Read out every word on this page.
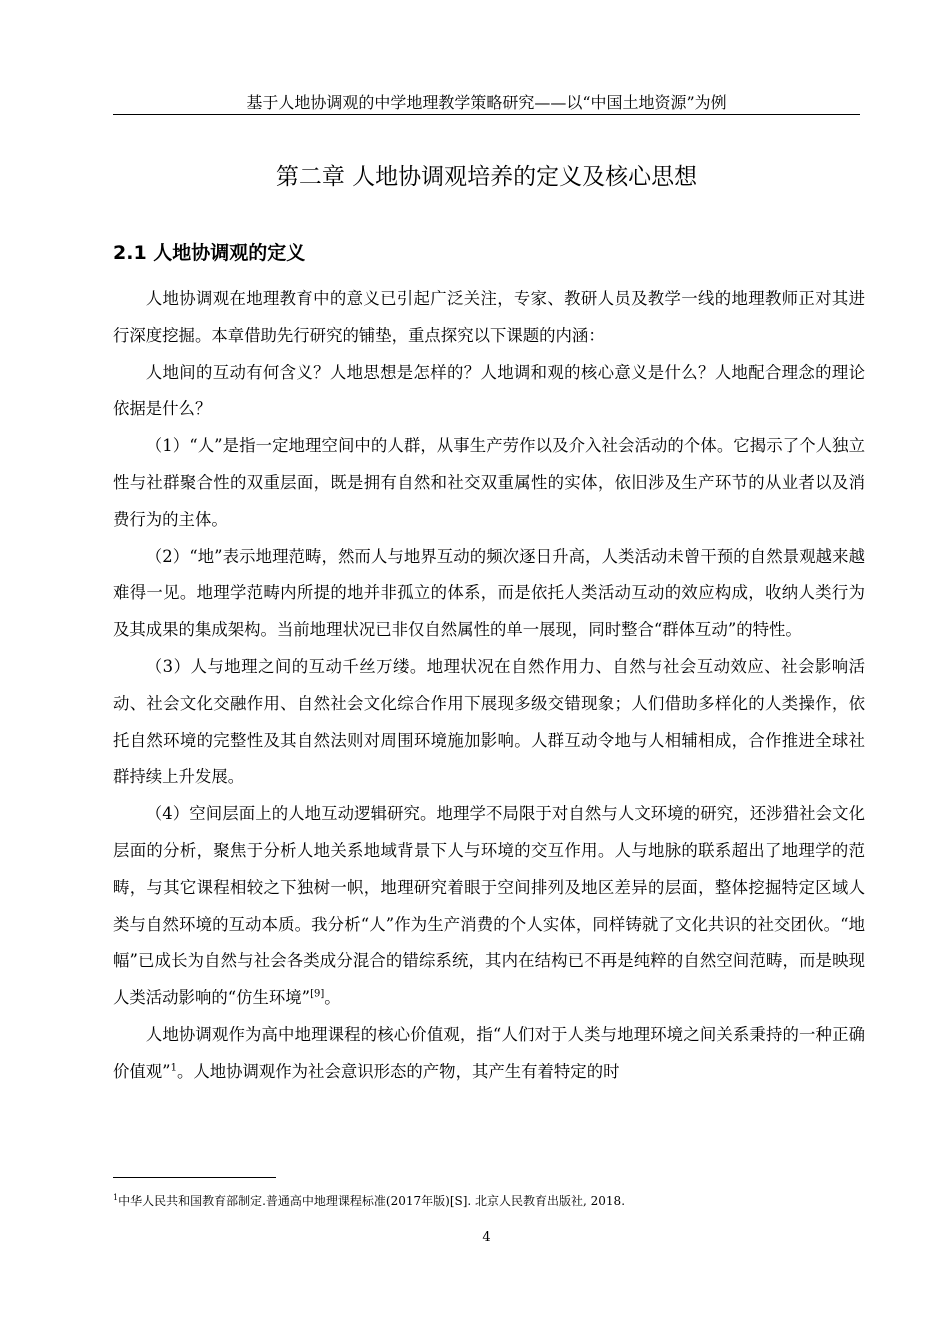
基于人地协调观的中学地理教学策略研究——以“中国土地资源”为例
第二章 人地协调观培养的定义及核心思想
2.1 人地协调观的定义

人地协调观在地理教育中的意义已引起广泛关注，专家、教研人员及教学一线的地理教师正对其进行深度挖掘。本章借助先行研究的铺垫，重点探究以下课题的内涵：

人地间的互动有何含义？人地思想是怎样的？人地调和观的核心意义是什么？人地配合理念的理论依据是什么？

（1）“人”是指一定地理空间中的人群，从事生产劳作以及介入社会活动的个体。它揭示了个人独立性与社群聚合性的双重层面，既是拥有自然和社交双重属性的实体，依旧涉及生产环节的从业者以及消费行为的主体。

（2）“地”表示地理范畴，然而人与地界互动的频次逐日升高，人类活动未曾干预的自然景观越来越难得一见。地理学范畴内所提的地并非孤立的体系，而是依托人类活动互动的效应构成，收纳人类行为及其成果的集成架构。当前地理状况已非仅自然属性的单一展现，同时整合“群体互动”的特性。

（3）人与地理之间的互动千丝万缕。地理状况在自然作用力、自然与社会互动效应、社会影响活动、社会文化交融作用、自然社会文化综合作用下展现多级交错现象；人们借助多样化的人类操作，依托自然环境的完整性及其自然法则对周围环境施加影响。人群互动令地与人相辅相成，合作推进全球社群持续上升发展。

（4）空间层面上的人地互动逻辑研究。地理学不局限于对自然与人文环境的研究，还涉猎社会文化层面的分析，聚焦于分析人地关系地域背景下人与环境的交互作用。人与地脉的联系超出了地理学的范畴，与其它课程相较之下独树一帜，地理研究着眼于空间排列及地区差异的层面，整体挖掘特定区域人类与自然环境的互动本质。我分析“人”作为生产消费的个人实体，同样铸就了文化共识的社交团伙。“地幅”已成长为自然与社会各类成分混合的错综系统，其内在结构已不再是纯粹的自然空间范畴，而是映现人类活动影响的“仿生环境”[9]。

人地协调观作为高中地理课程的核心价值观，指“人们对于人类与地理环境之间关系秉持的一种正确价值观”$^1$。人地协调观作为社会意识形态的产物，其产生有着特定的时

$^1$中华人民共和国教育部制定.普通高中地理课程标准(2017年版)[S]. 北京人民教育出版社, 2018.
4
